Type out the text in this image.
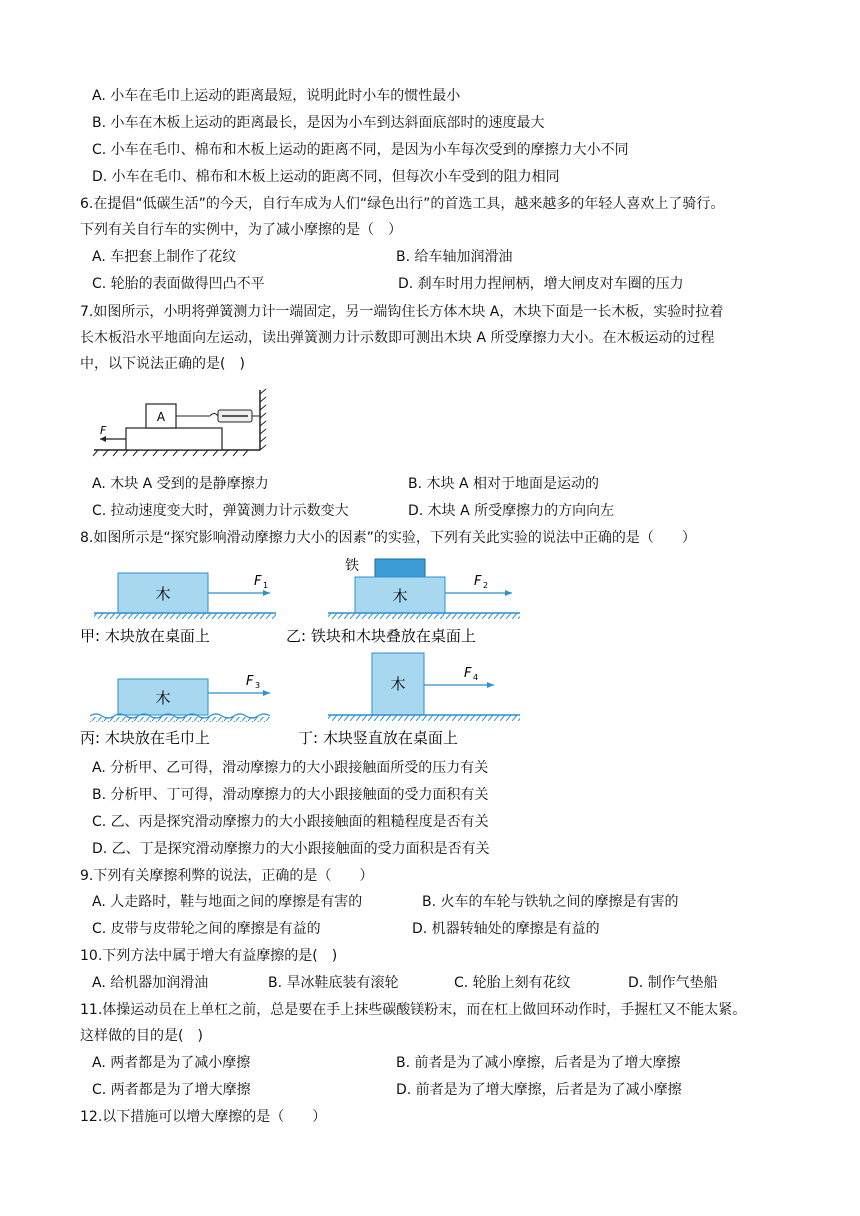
A. 小车在毛巾上运动的距离最短，说明此时小车的惯性最小
B. 小车在木板上运动的距离最长，是因为小车到达斜面底部时的速度最大
C. 小车在毛巾、棉布和木板上运动的距离不同，是因为小车每次受到的摩擦力大小不同
D. 小车在毛巾、棉布和木板上运动的距离不同，但每次小车受到的阻力相同
6.在提倡“低碳生活”的今天，自行车成为人们“绿色出行”的首选工具，越来越多的年轻人喜欢上了骑行。
下列有关自行车的实例中，为了减小摩擦的是（　）
A. 车把套上制作了花纹	B. 给车轴加润滑油
C. 轮胎的表面做得凹凸不平	D. 刹车时用力捏闸柄，增大闸皮对车圈的压力
7.如图所示，小明将弹簧测力计一端固定，另一端钩住长方体木块 A，木块下面是一长木板，实验时拉着
长木板沿水平地面向左运动，读出弹簧测力计示数即可测出木块 A 所受摩擦力大小。在木板运动的过程
中，以下说法正确的是(　)
A
F
A. 木块 A 受到的是静摩擦力	B. 木块 A 相对于地面是运动的
C. 拉动速度变大时，弹簧测力计示数变大	D. 木块 A 所受摩擦力的方向向左
8.如图所示是“探究影响滑动摩擦力大小的因素”的实验，下列有关此实验的说法中正确的是（　　）
木
F 1
甲: 木块放在桌面上
铁
木
F 2
乙: 铁块和木块叠放在桌面上
木
F 3
丙: 木块放在毛巾上
木
F 4
丁: 木块竖直放在桌面上
A. 分析甲、乙可得，滑动摩擦力的大小跟接触面所受的压力有关
B. 分析甲、丁可得，滑动摩擦力的大小跟接触面的受力面积有关
C. 乙、丙是探究滑动摩擦力的大小跟接触面的粗糙程度是否有关
D. 乙、丁是探究滑动摩擦力的大小跟接触面的受力面积是否有关
9.下列有关摩擦利弊的说法，正确的是（　　）
A. 人走路时，鞋与地面之间的摩擦是有害的	B. 火车的车轮与铁轨之间的摩擦是有害的
C. 皮带与皮带轮之间的摩擦是有益的	D. 机器转轴处的摩擦是有益的
10.下列方法中属于增大有益摩擦的是(　)
A. 给机器加润滑油	B. 旱冰鞋底装有滚轮	C. 轮胎上刻有花纹	D. 制作气垫船
11.体操运动员在上单杠之前，总是要在手上抹些碳酸镁粉末，而在杠上做回环动作时，手握杠又不能太紧。
这样做的目的是(　)
A. 两者都是为了减小摩擦	B. 前者是为了减小摩擦，后者是为了增大摩擦
C. 两者都是为了增大摩擦	D. 前者是为了增大摩擦，后者是为了减小摩擦
12.以下措施可以增大摩擦的是（　　）
